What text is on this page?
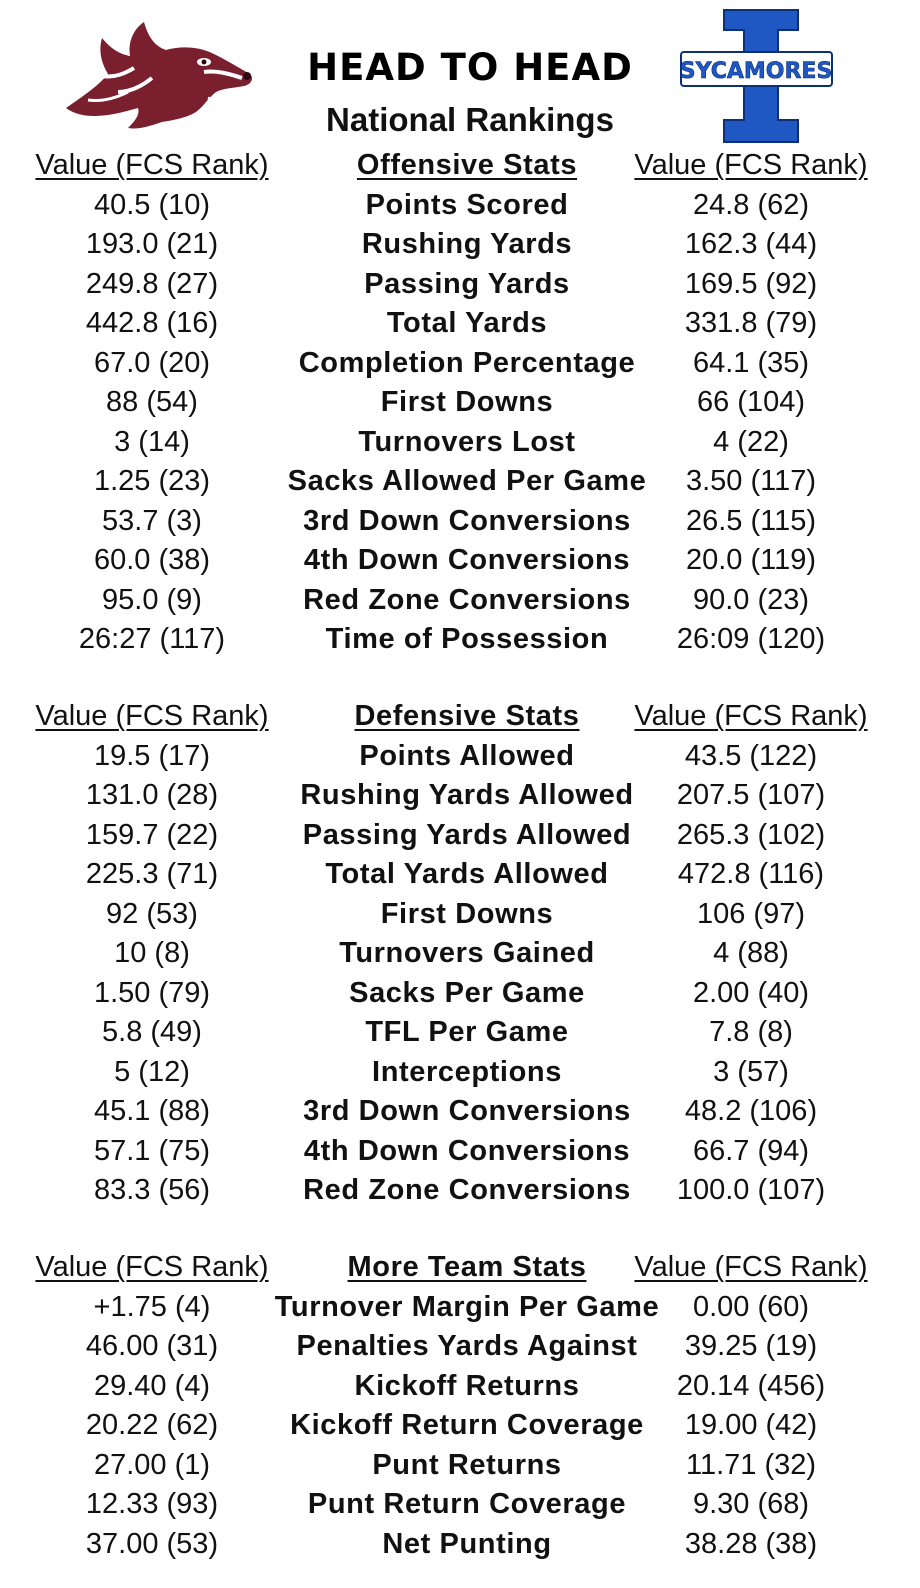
HEAD TO HEAD
National Rankings
SYCAMORES
Value (FCS Rank)	Offensive Stats Value (FCS Rank)
40.5 (10)	Points Scored	24.8 (62)
193.0 (21)	Rushing Yards	162.3 (44)
249.8 (27)	Passing Yards	169.5 (92)
442.8 (16)	Total Yards	331.8 (79)
67.0 (20)	Completion Percentage 64.1 (35)
88 (54)	First Downs	66 (104)
3 (14)	Turnovers Lost	4 (22)
1.25 (23)	Sacks Allowed Per Game 3.50 (117)
53.7 (3)	3rd Down Conversions 26.5 (115)
60.0 (38)	4th Down Conversions 20.0 (119)
95.0 (9)	Red Zone Conversions 90.0 (23)
26:27 (117)	Time of Possession 26:09 (120)
Value (FCS Rank)	Defensive Stats Value (FCS Rank)
19.5 (17)	Points Allowed	43.5 (122)
131.0 (28)	Rushing Yards Allowed 207.5 (107)
159.7 (22)	Passing Yards Allowed 265.3 (102)
225.3 (71)	Total Yards Allowed 472.8 (116)
92 (53)	First Downs	106 (97)
10 (8)	Turnovers Gained	4 (88)
1.50 (79)	Sacks Per Game	2.00 (40)
5.8 (49)	TFL Per Game	7.8 (8)
5 (12)	Interceptions	3 (57)
45.1 (88)	3rd Down Conversions 48.2 (106)
57.1 (75)	4th Down Conversions 66.7 (94)
83.3 (56)	Red Zone Conversions 100.0 (107)
Value (FCS Rank)	More Team Stats Value (FCS Rank)
+1.75 (4) Turnover Margin Per Game 0.00 (60)
46.00 (31)	Penalties Yards Against 39.25 (19)
29.40 (4)	Kickoff Returns	20.14 (456)
20.22 (62) Kickoff Return Coverage 19.00 (42)
27.00 (1)	Punt Returns	11.71 (32)
12.33 (93)	Punt Return Coverage 9.30 (68)
37.00 (53)	Net Punting	38.28 (38)
